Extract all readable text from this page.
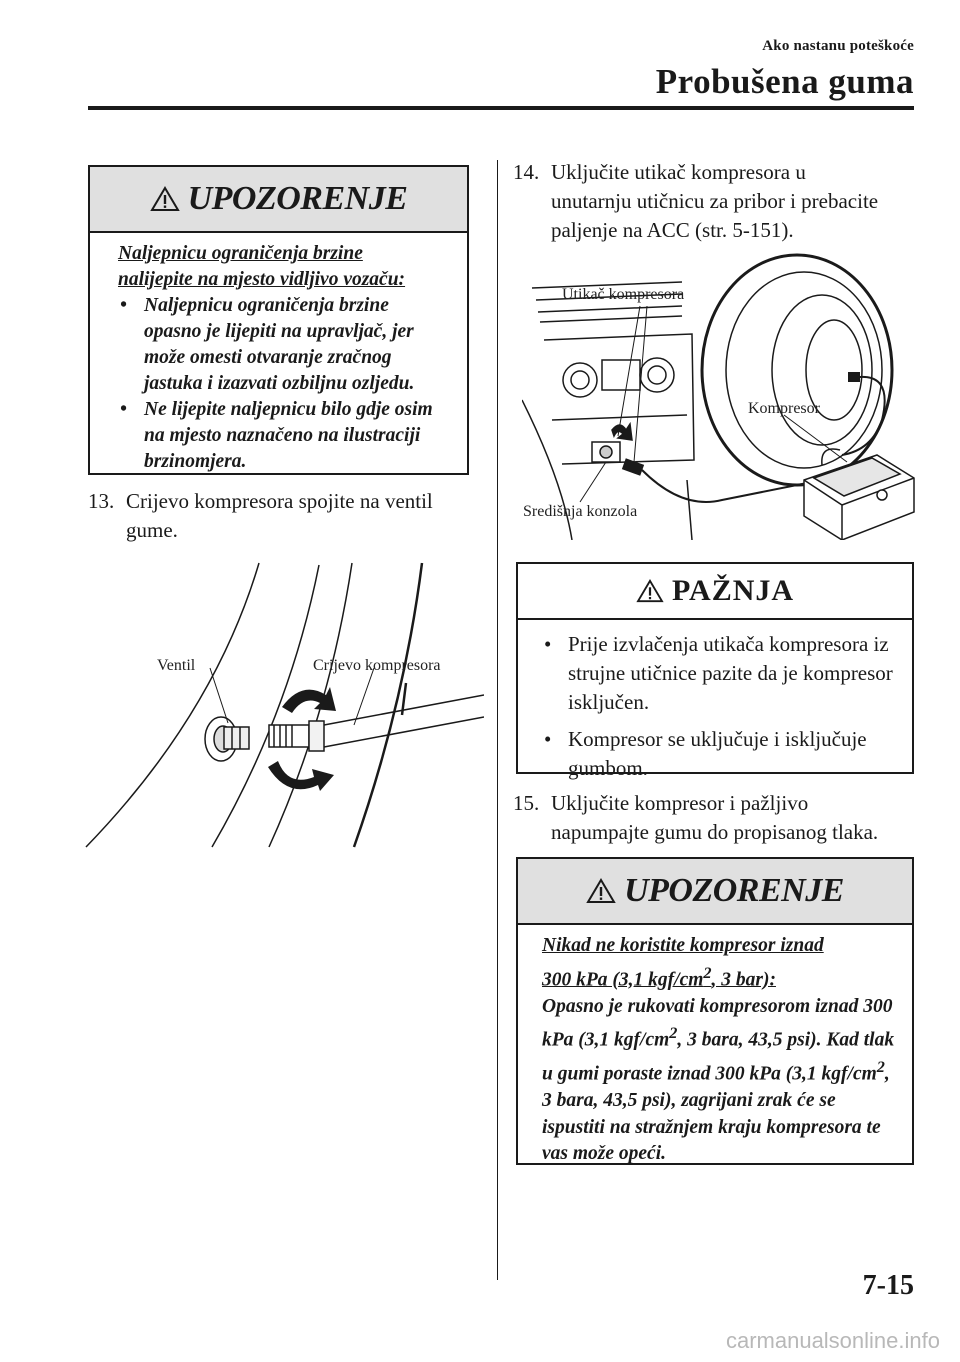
Ako nastanu poteškoće
Probušena guma
UPOZORENJE
Naljepnicu ograničenja brzine
nalijepite na mjesto vidljivo vozaču:
• Naljepnicu ograničenja brzine opasno je lijepiti na upravljač, jer može omesti otvaranje zračnog jastuka i izazvati ozbiljnu ozljedu.
• Ne lijepite naljepnicu bilo gdje osim na mjesto naznačeno na ilustraciji brzinomjera.
13. Crijevo kompresora spojite na ventil
gume.
Ventil	Crijevo kompresora
14. Uključite utikač kompresora u
unutarnju utičnicu za pribor i prebacite
paljenje na ACC (str. 5-151).
Utikač kompresora
Kompresor
Središnja konzola
PAŽNJA
• Prije izvlačenja utikača kompresora iz strujne utičnice pazite da je kompresor isključen.
• Kompresor se uključuje i isključuje gumbom.
15. Uključite kompresor i pažljivo
napumpajte gumu do propisanog tlaka.
UPOZORENJE
Nikad ne koristite kompresor iznad
300 kPa (3,1 kgf/$cm^2$, 3 bar):
Opasno je rukovati kompresorom iznad 300 kPa (3,1 kgf/$cm^2$, 3 bara, 43,5 psi). Kad tlak u gumi poraste iznad 300 kPa (3,1 kgf/$cm^2$, 3 bara, 43,5 psi), zagrijani zrak će se ispustiti na stražnjem kraju kompresora te vas može opeći.
7-15
carmanualsonline.info
